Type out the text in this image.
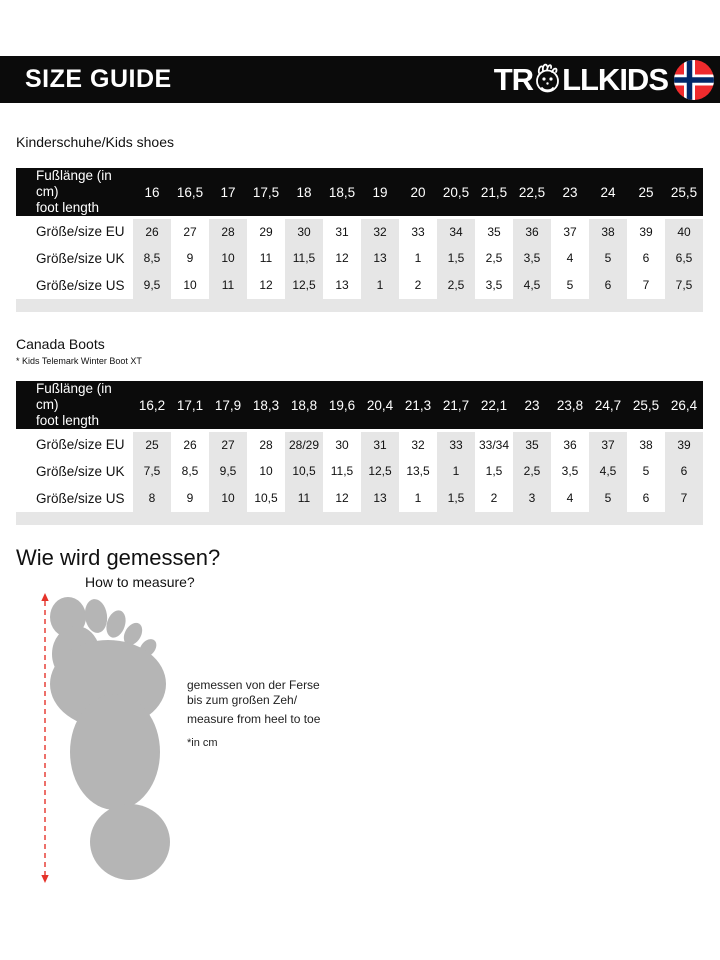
SIZE GUIDE	TR LLKIDS
Kinderschuhe/Kids shoes
Fußlänge (in cm)
foot length	16	16,5	17	17,5	18	18,5	19	20	20,5	21,5	22,5	23	24	25	25,5
Größe/size EU	26	27	28	29	30	31	32	33	34	35	36	37	38	39	40
Größe/size UK	8,5	9	10	11	11,5	12	13	1	1,5	2,5	3,5	4	5	6	6,5
Größe/size US	9,5	10	11	12	12,5	13	1	2	2,5	3,5	4,5	5	6	7	7,5

Canada Boots
* Kids Telemark Winter Boot XT
Fußlänge (in cm)
foot length	16,2	17,1	17,9	18,3	18,8	19,6	20,4	21,3	21,7	22,1	23	23,8	24,7	25,5	26,4
Größe/size EU	25	26	27	28	28/29	30	31	32	33	33/34	35	36	37	38	39
Größe/size UK	7,5	8,5	9,5	10	10,5	11,5	12,5	13,5	1	1,5	2,5	3,5	4,5	5	6
Größe/size US	8	9	10	10,5	11	12	13	1	1,5	2	3	4	5	6	7

Wie wird gemessen?
How to measure?
gemessen von der Ferse
bis zum großen Zeh/
measure from heel to toe
*in cm
